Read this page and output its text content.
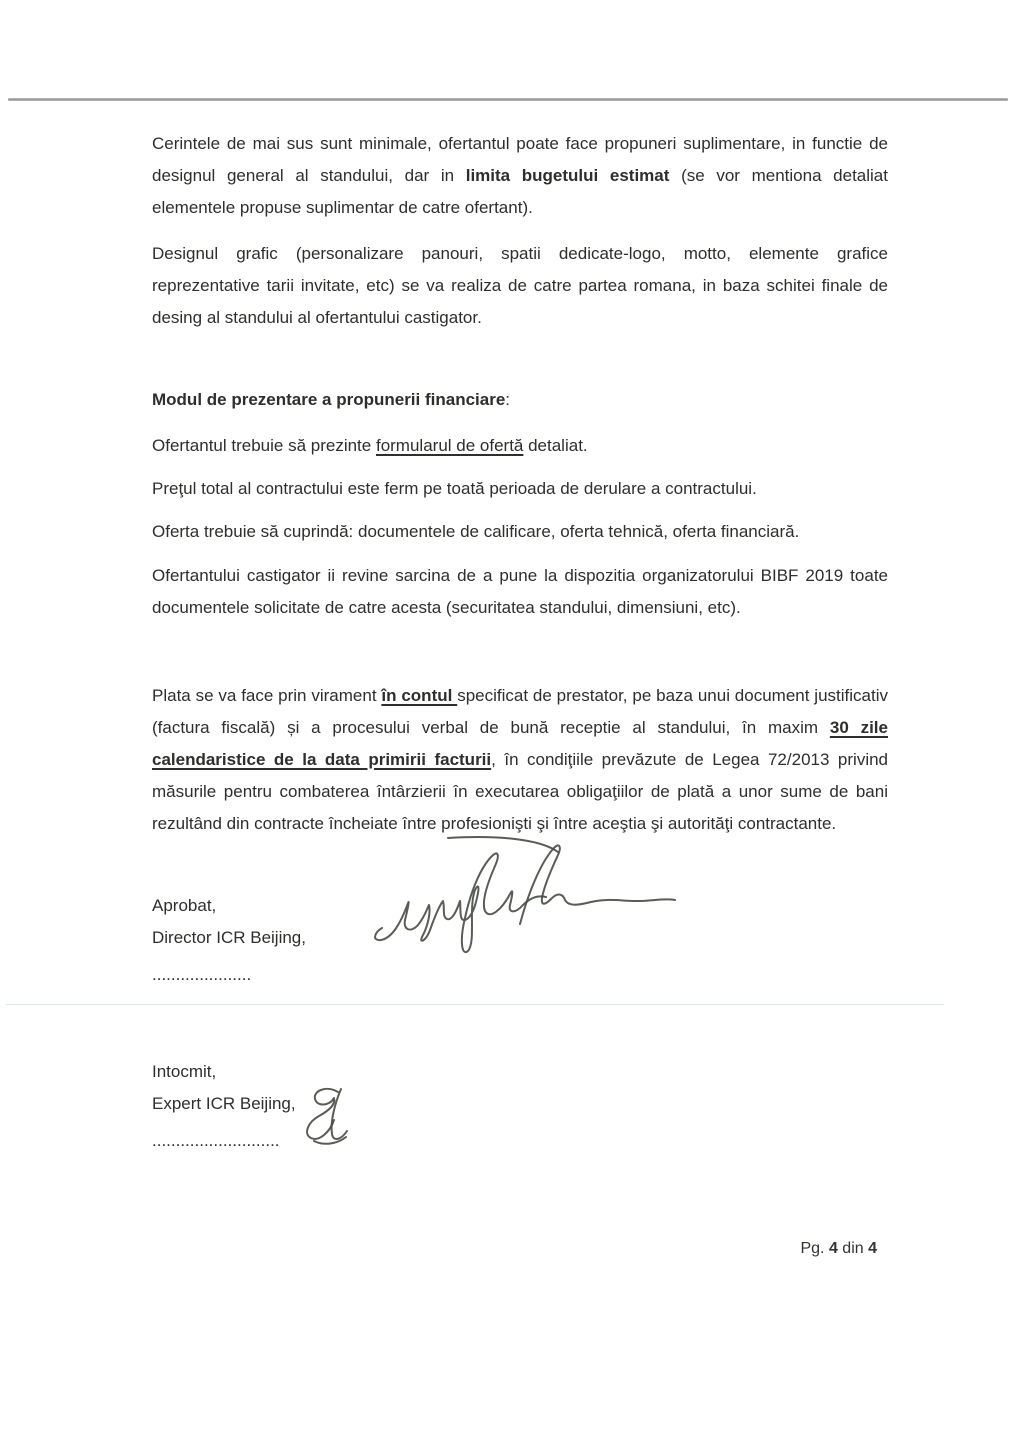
Cerintele de mai sus sunt minimale, ofertantul poate face propuneri suplimentare, in functie de designul general al standului, dar in limita bugetului estimat (se vor mentiona detaliat elementele propuse suplimentar de catre ofertant).
Designul grafic (personalizare panouri, spatii dedicate-logo, motto, elemente grafice reprezentative tarii invitate, etc) se va realiza de catre partea romana, in baza schitei finale de desing al standului al ofertantului castigator.
Modul de prezentare a propunerii financiare:
Ofertantul trebuie să prezinte formularul de ofertă detaliat.
Preţul total al contractului este ferm pe toată perioada de derulare a contractului.
Oferta trebuie să cuprindă: documentele de calificare, oferta tehnică, oferta financiară.
Ofertantului castigator ii revine sarcina de a pune la dispozitia organizatorului BIBF 2019 toate documentele solicitate de catre acesta (securitatea standului, dimensiuni, etc).
Plata se va face prin virament în contul specificat de prestator, pe baza unui document justificativ (factura fiscală) și a procesului verbal de bună receptie al standului, în maxim 30 zile calendaristice de la data primirii facturii, în condiţiile prevăzute de Legea 72/2013 privind măsurile pentru combaterea întârzierii în executarea obligaţiilor de plată a unor sume de bani rezultând din contracte încheiate între profesionişti şi între aceştia şi autorităţi contractante.
Aprobat,
Director ICR Beijing,
.....................
Intocmit,
Expert ICR Beijing,
...........................
Pg. 4 din 4
